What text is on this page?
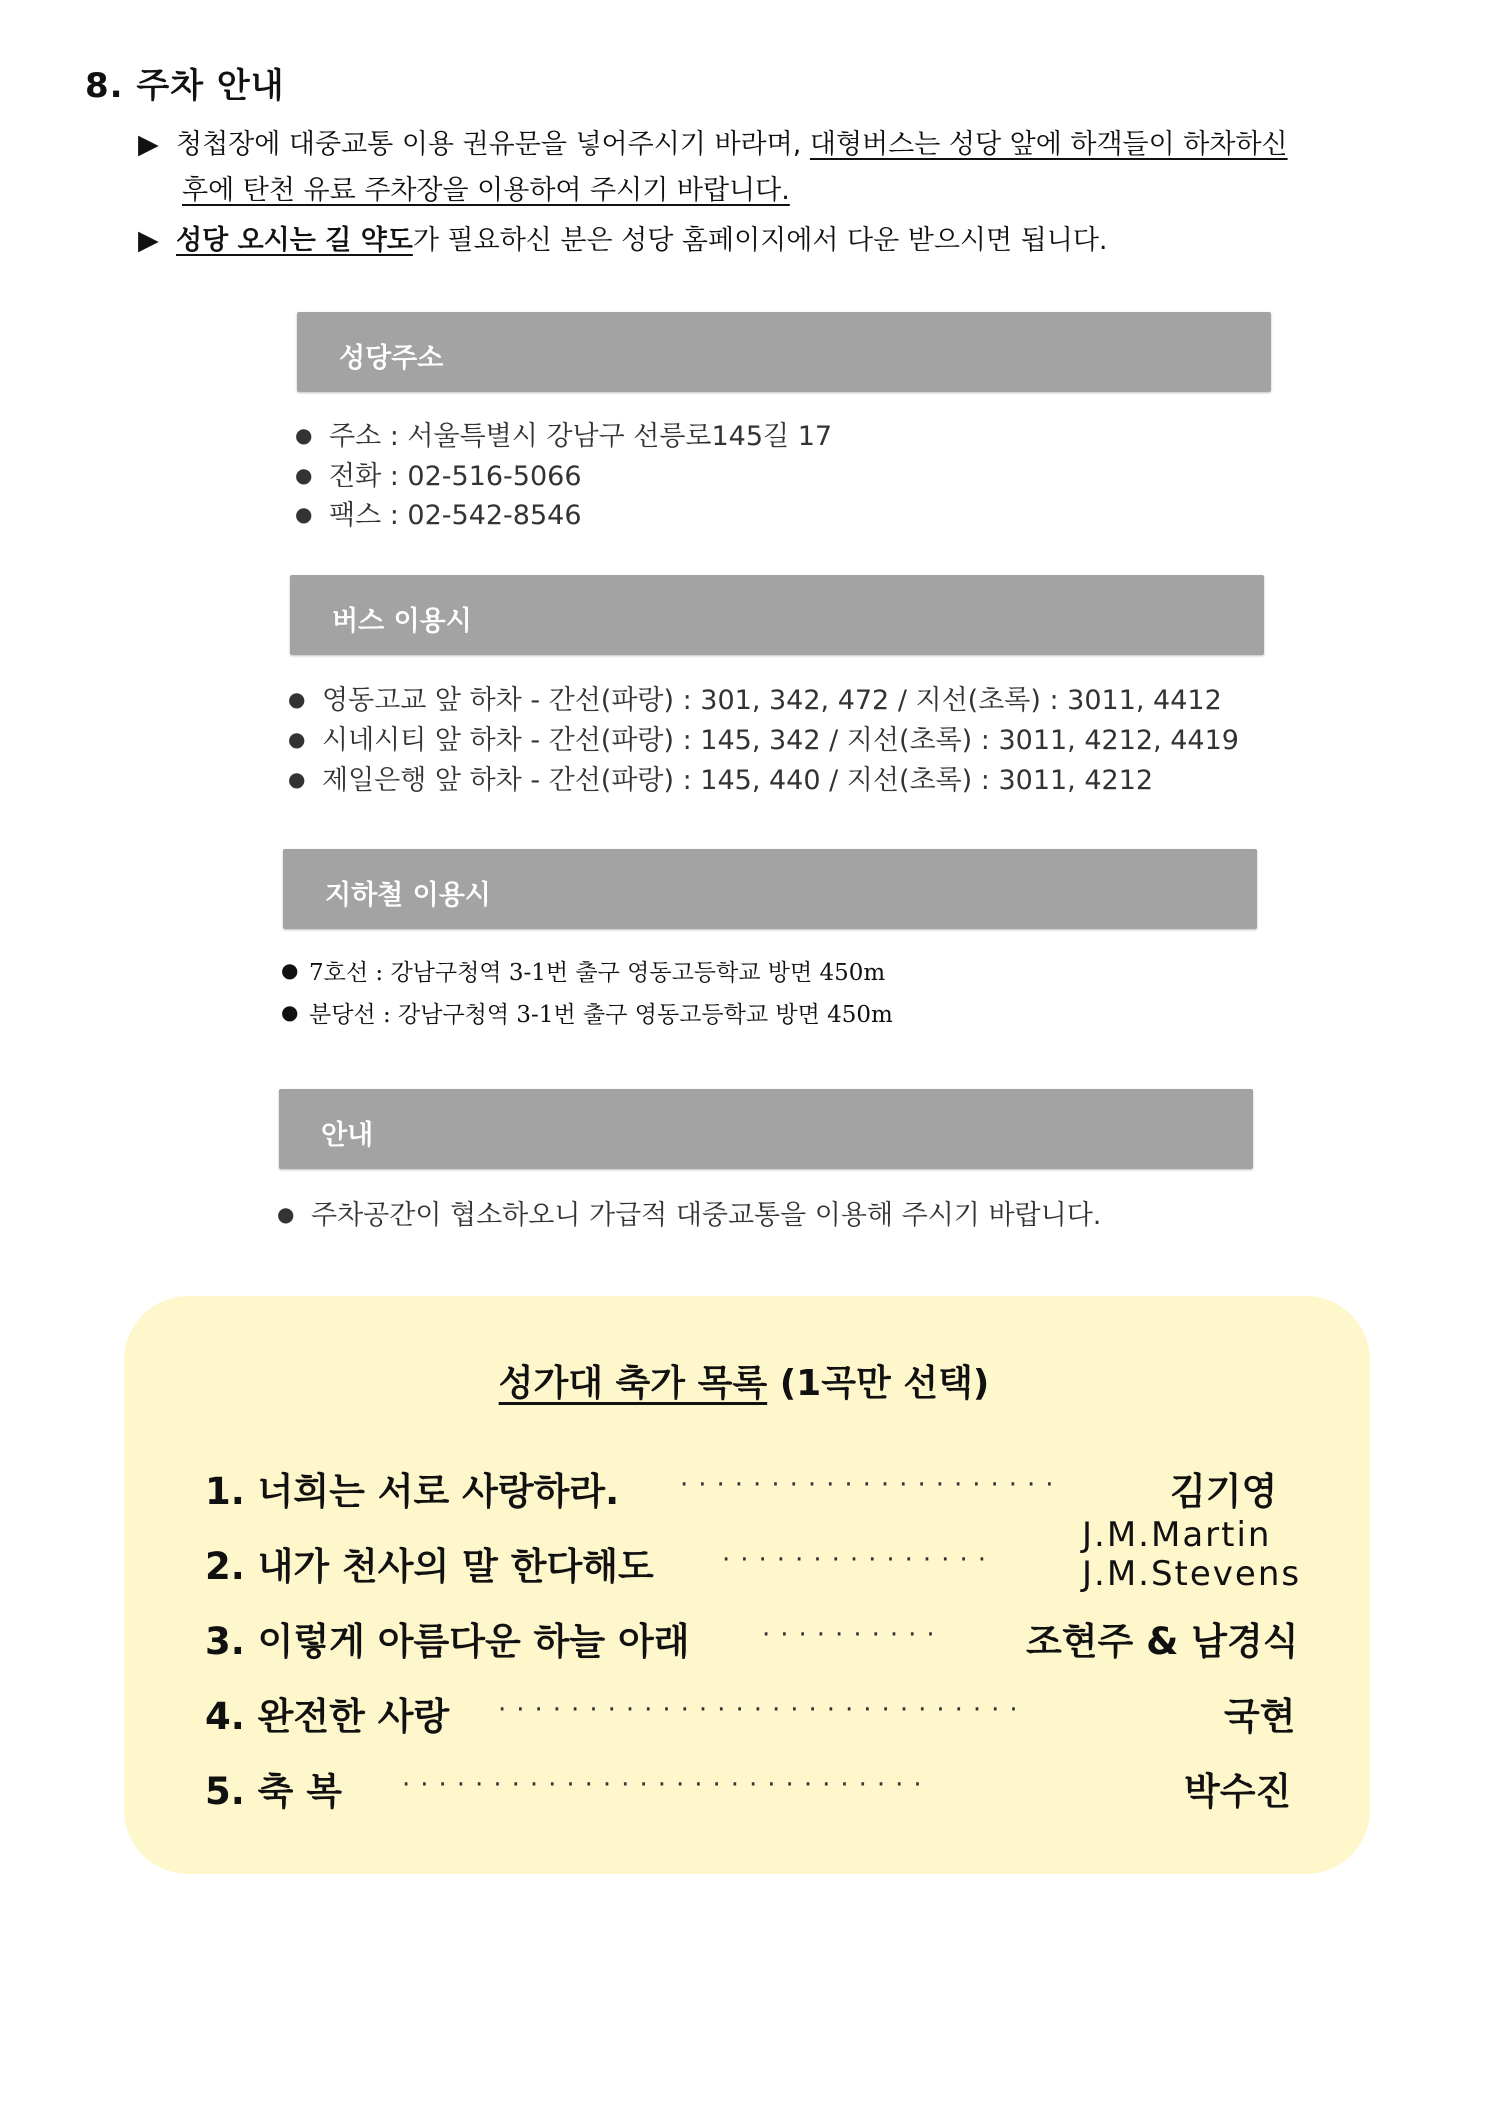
8. 주차 안내
▶ 청첩장에 대중교통 이용 권유문을 넣어주시기 바라며, 대형버스는 성당 앞에 하객들이 하차하신
후에 탄천 유료 주차장을 이용하여 주시기 바랍니다.
▶ 성당 오시는 길 약도가 필요하신 분은 성당 홈페이지에서 다운 받으시면 됩니다.
성당주소
● 주소 : 서울특별시 강남구 선릉로145길 17
● 전화 : 02-516-5066
● 팩스 : 02-542-8546
버스 이용시
● 영동고교 앞 하차 - 간선(파랑) : 301, 342, 472 / 지선(초록) : 3011, 4412
● 시네시티 앞 하차 - 간선(파랑) : 145, 342 / 지선(초록) : 3011, 4212, 4419
● 제일은행 앞 하차 - 간선(파랑) : 145, 440 / 지선(초록) : 3011, 4212
지하철 이용시
● 7호선 : 강남구청역 3-1번 출구 영동고등학교 방면 450m
● 분당선 : 강남구청역 3-1번 출구 영동고등학교 방면 450m
안내
● 주차공간이 협소하오니 가급적 대중교통을 이용해 주시기 바랍니다.
성가대 축가 목록 (1곡만 선택)
1. 너희는 서로 사랑하라. ·····················	김기영
2. 내가 천사의 말 한다해도	···············
J.M.Martin
J.M.Stevens
3. 이렇게 아름다운 하늘 아래	·········· 조현주 & 남경식
4. 완전한 사랑 ·····························	국현
5. 축 복 ·····························	박수진
